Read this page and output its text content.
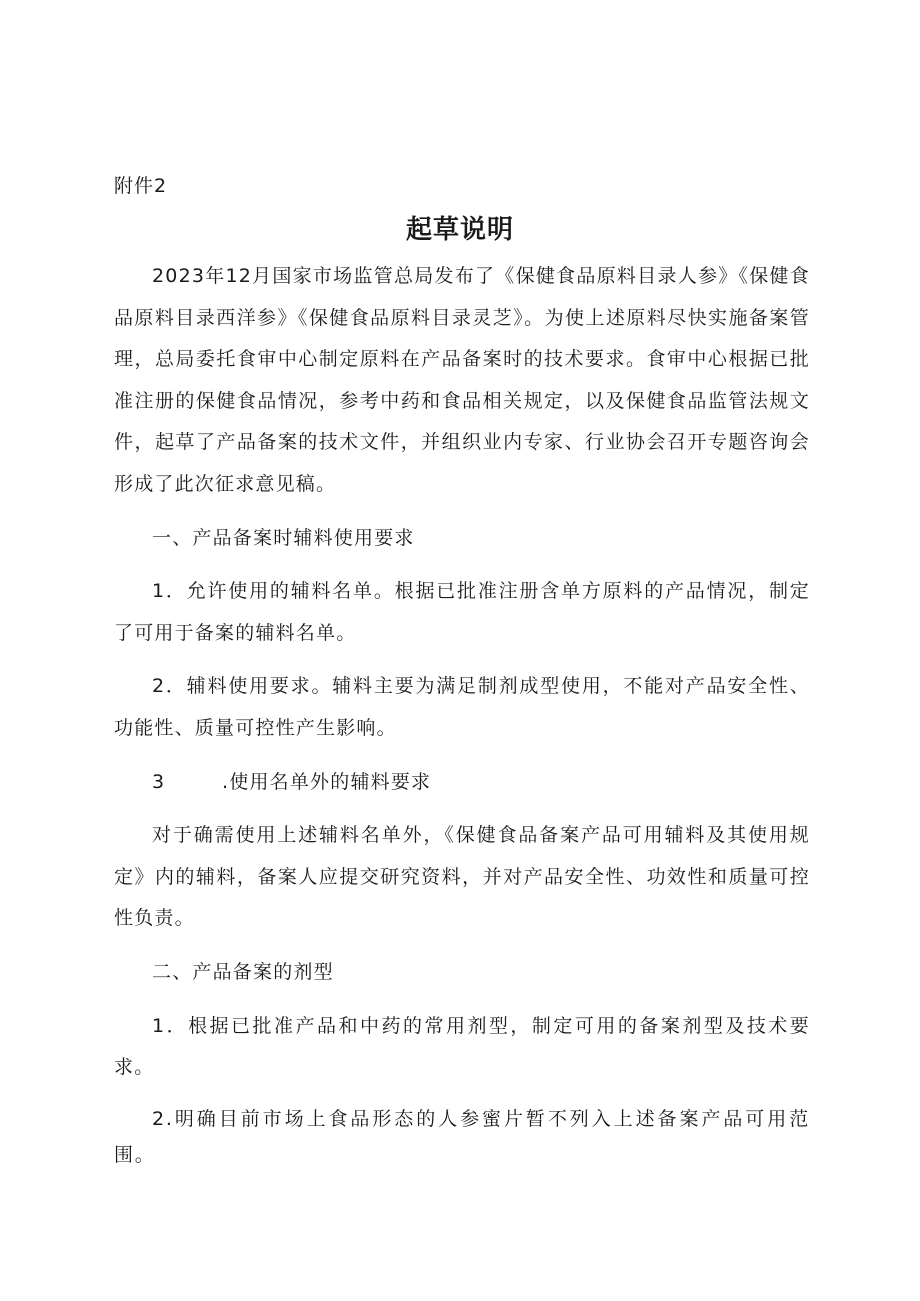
附件2
起草说明

2023年12月国家市场监管总局发布了《保健食品原料目录人参》《保健食品原料目录西洋参》《保健食品原料目录灵芝》。为使上述原料尽快实施备案管理，总局委托食审中心制定原料在产品备案时的技术要求。食审中心根据已批准注册的保健食品情况，参考中药和食品相关规定，以及保健食品监管法规文件，起草了产品备案的技术文件，并组织业内专家、行业协会召开专题咨询会形成了此次征求意见稿。

一、产品备案时辅料使用要求

1．允许使用的辅料名单。根据已批准注册含单方原料的产品情况，制定了可用于备案的辅料名单。

2．辅料使用要求。辅料主要为满足制剂成型使用，不能对产品安全性、功能性、质量可控性产生影响。

3	.使用名单外的辅料要求

对于确需使用上述辅料名单外，《保健食品备案产品可用辅料及其使用规定》内的辅料，备案人应提交研究资料，并对产品安全性、功效性和质量可控性负责。

二、产品备案的剂型

1．根据已批准产品和中药的常用剂型，制定可用的备案剂型及技术要求。

2.明确目前市场上食品形态的人参蜜片暂不列入上述备案产品可用范围。
